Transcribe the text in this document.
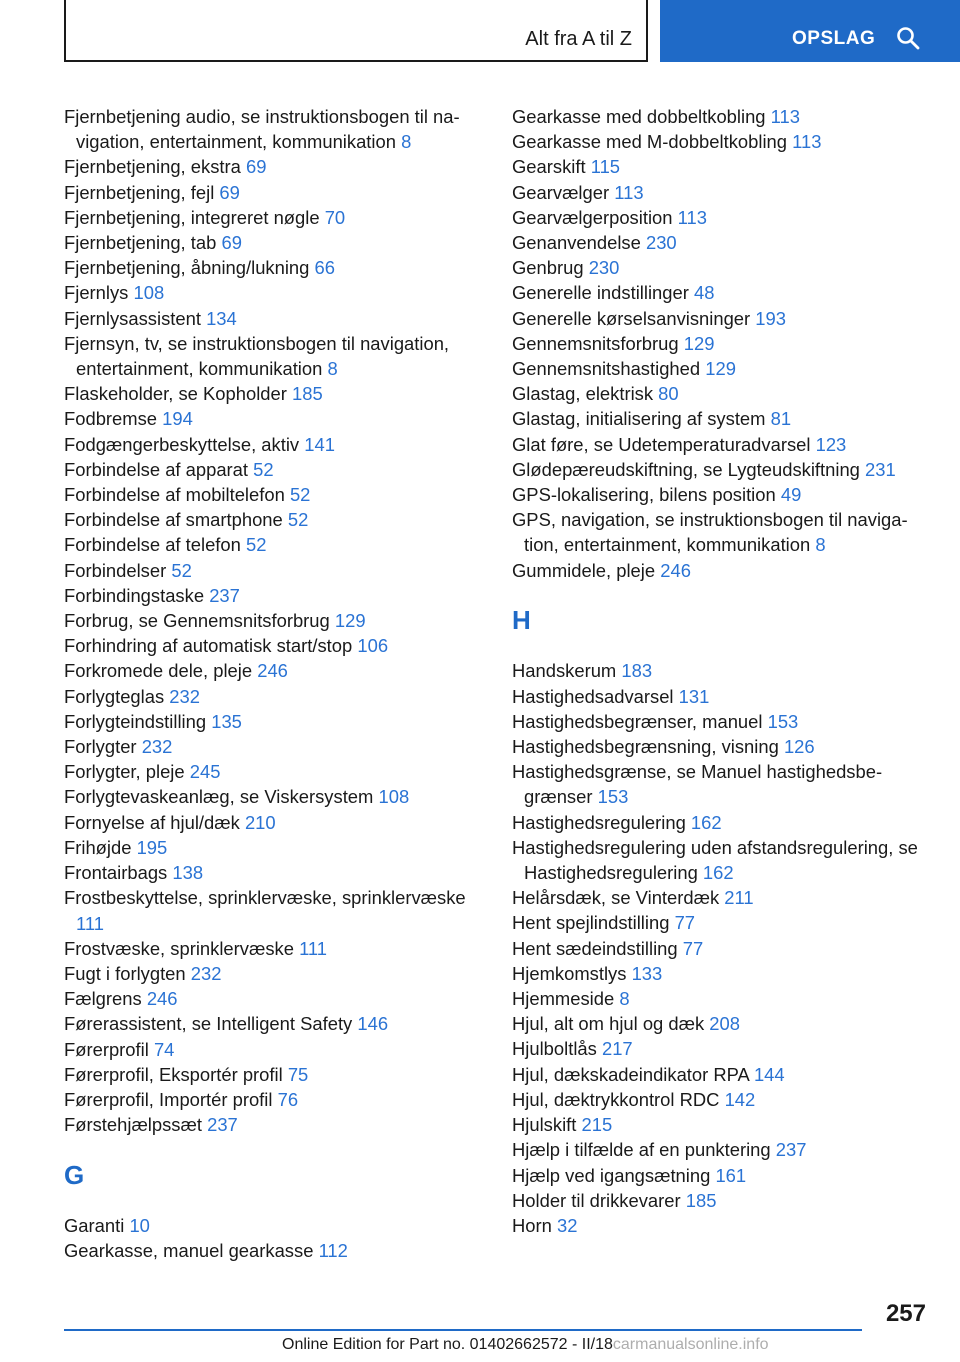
Alt fra A til Z	OPSLAG
Fjernbetjening audio, se instruktionsbogen til navigation, entertainment, kommunikation 8
Fjernbetjening, ekstra 69
Fjernbetjening, fejl 69
Fjernbetjening, integreret nøgle 70
Fjernbetjening, tab 69
Fjernbetjening, åbning/lukning 66
Fjernlys 108
Fjernlysassistent 134
Fjernsyn, tv, se instruktionsbogen til navigation, entertainment, kommunikation 8
Flaskeholder, se Kopholder 185
Fodbremse 194
Fodgængerbeskyttelse, aktiv 141
Forbindelse af apparat 52
Forbindelse af mobiltelefon 52
Forbindelse af smartphone 52
Forbindelse af telefon 52
Forbindelser 52
Forbindingstaske 237
Forbrug, se Gennemsnitsforbrug 129
Forhindring af automatisk start/stop 106
Forkromede dele, pleje 246
Forlygteglas 232
Forlygteindstilling 135
Forlygter 232
Forlygter, pleje 245
Forlygtevaskeanlæg, se Viskersystem 108
Fornyelse af hjul/dæk 210
Frihøjde 195
Frontairbags 138
Frostbeskyttelse, sprinklervæske, sprinklervæske 111
Frostvæske, sprinklervæske 111
Fugt i forlygten 232
Fælgrens 246
Førerassistent, se Intelligent Safety 146
Førerprofil 74
Førerprofil, Eksportér profil 75
Førerprofil, Importér profil 76
Førstehjælpssæt 237
G
Garanti 10
Gearkasse, manuel gearkasse 112
Gearkasse med dobbeltkobling 113
Gearkasse med M-dobbeltkobling 113
Gearskift 115
Gearvælger 113
Gearvælgerposition 113
Genanvendelse 230
Genbrug 230
Generelle indstillinger 48
Generelle kørselsanvisninger 193
Gennemsnitsforbrug 129
Gennemsnitshastighed 129
Glastag, elektrisk 80
Glastag, initialisering af system 81
Glat føre, se Udetemperaturadvarsel 123
Glødepæreudskiftning, se Lygteudskiftning 231
GPS-lokalisering, bilens position 49
GPS, navigation, se instruktionsbogen til navigation, entertainment, kommunikation 8
Gummidele, pleje 246
H
Handskerum 183
Hastighedsadvarsel 131
Hastighedsbegrænser, manuel 153
Hastighedsbegrænsning, visning 126
Hastighedsgrænse, se Manuel hastighedsbegrænser 153
Hastighedsregulering 162
Hastighedsregulering uden afstandsregulering, se Hastighedsregulering 162
Helårsdæk, se Vinterdæk 211
Hent spejlindstilling 77
Hent sædeindstilling 77
Hjemkomstlys 133
Hjemmeside 8
Hjul, alt om hjul og dæk 208
Hjulboltlås 217
Hjul, dækskadeindikator RPA 144
Hjul, dæktrykkontrol RDC 142
Hjulskift 215
Hjælp i tilfælde af en punktering 237
Hjælp ved igangsætning 161
Holder til drikkevarer 185
Horn 32
257
Online Edition for Part no. 01402662572 - II/18carmanualsonline.info
